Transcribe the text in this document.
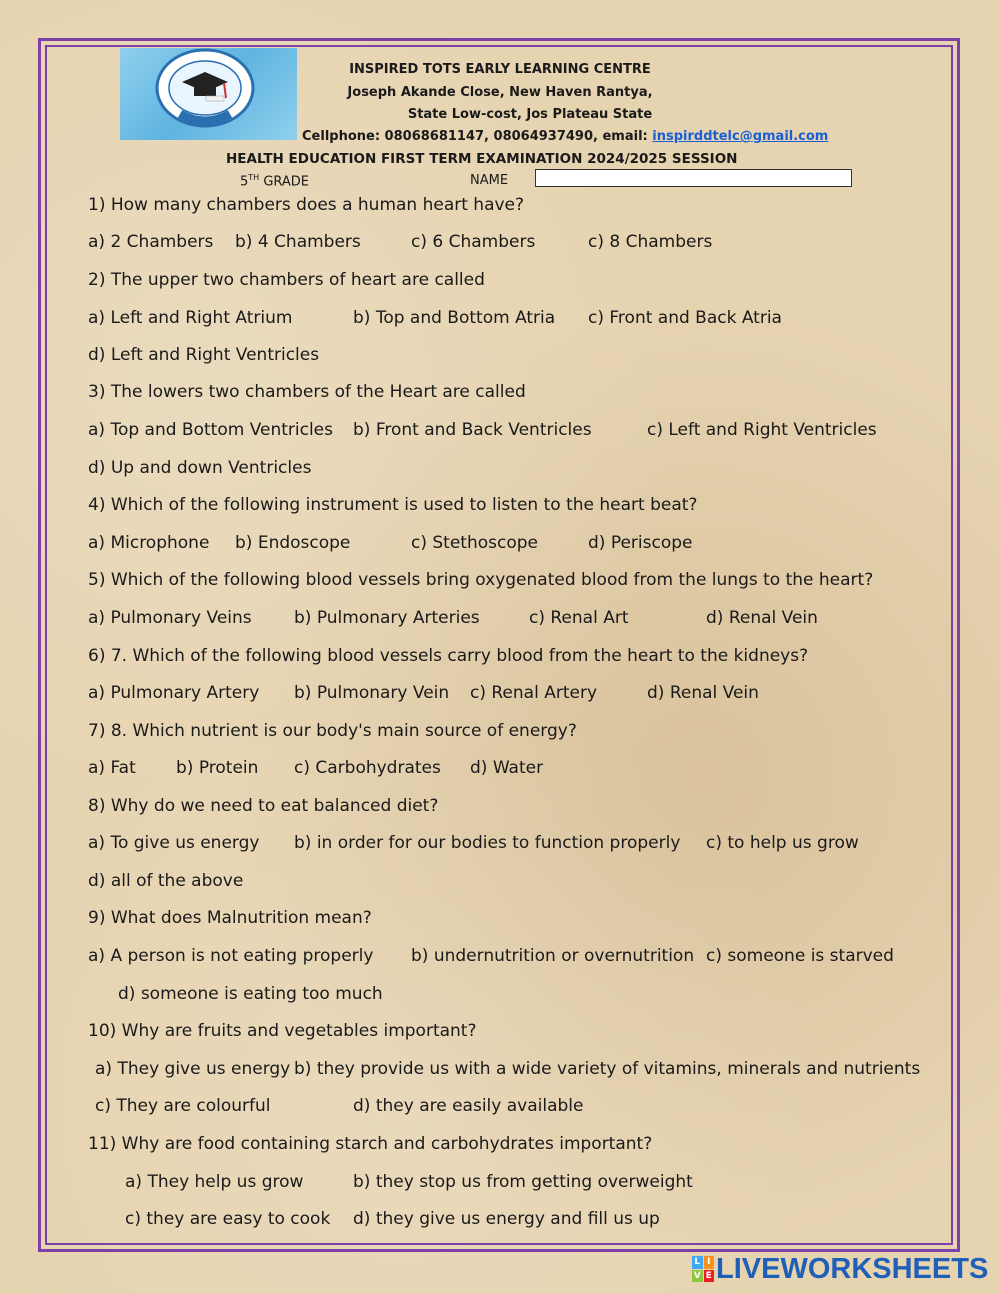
INSPIRED TOTS EARLY LEARNING CENTRE
Joseph Akande Close, New Haven Rantya,
State Low-cost, Jos Plateau State
Cellphone: 08068681147, 08064937490, email: inspirddtelc@gmail.com
HEALTH EDUCATION FIRST TERM EXAMINATION 2024/2025 SESSION
5TH GRADE	NAME
1) How many chambers does a human heart have?
a) 2 Chambers b) 4 Chambers	c) 6 Chambers	c) 8 Chambers
2) The upper two chambers of heart are called
a) Left and Right Atrium	b) Top and Bottom Atria c) Front and Back Atria
d) Left and Right Ventricles
3) The lowers two chambers of the Heart are called
a) Top and Bottom Ventricles b) Front and Back Ventricles	c) Left and Right Ventricles
d) Up and down Ventricles
4) Which of the following instrument is used to listen to the heart beat?
a) Microphone b) Endoscope	c) Stethoscope	d) Periscope
5) Which of the following blood vessels bring oxygenated blood from the lungs to the heart?
a) Pulmonary Veins b) Pulmonary Arteries	c) Renal Art	d) Renal Vein
6) 7. Which of the following blood vessels carry blood from the heart to the kidneys?
a) Pulmonary Artery b) Pulmonary Vein c) Renal Artery	d) Renal Vein
7) 8. Which nutrient is our body's main source of energy?
a) Fat b) Protein c) Carbohydrates d) Water
8) Why do we need to eat balanced diet?
a) To give us energy b) in order for our bodies to function properly c) to help us grow
d) all of the above
9) What does Malnutrition mean?
a) A person is not eating properly b) undernutrition or overnutrition c) someone is starved
d) someone is eating too much
10) Why are fruits and vegetables important?
a) They give us energy b) they provide us with a wide variety of vitamins, minerals and nutrients
c) They are colourful	d) they are easily available
11) Why are food containing starch and carbohydrates important?
a) They help us grow	b) they stop us from getting overweight
c) they are easy to cook d) they give us energy and fill us up
L I
V E LIVEWORKSHEETS
